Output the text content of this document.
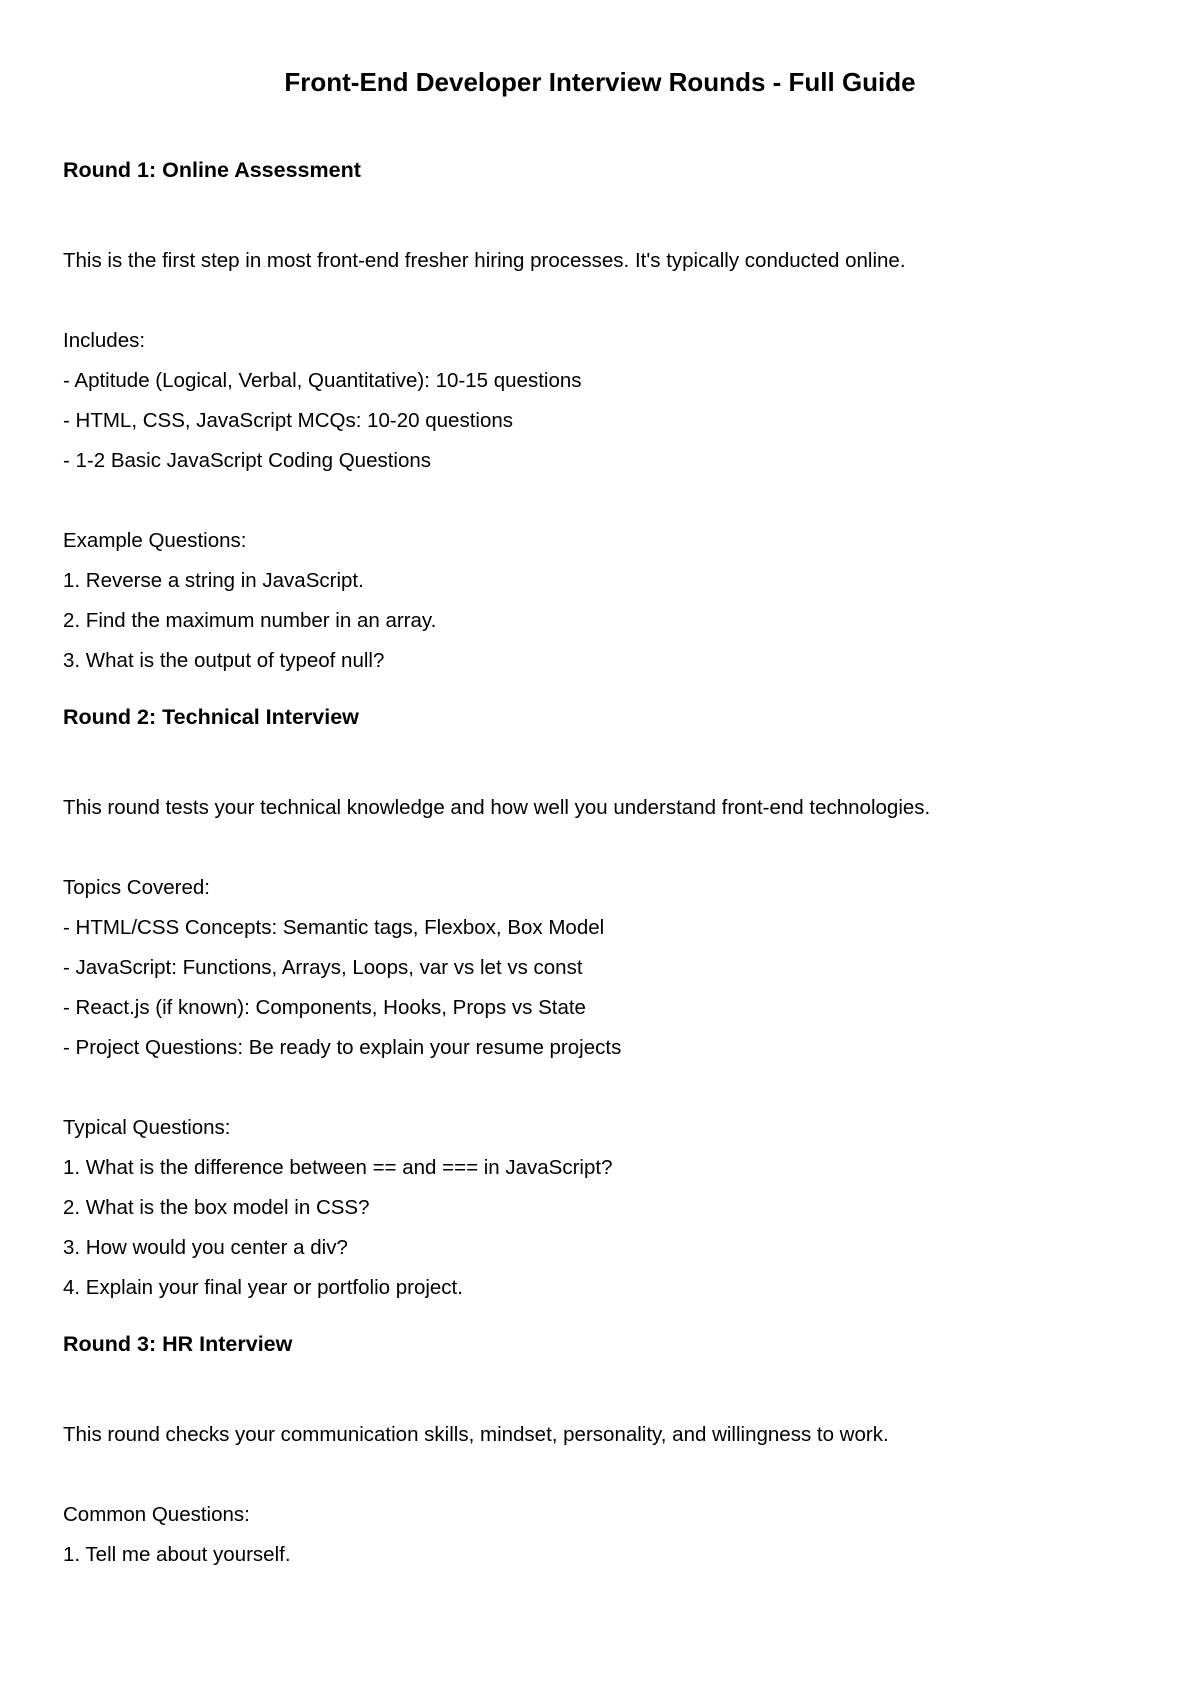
Front-End Developer Interview Rounds - Full Guide
Round 1: Online Assessment

This is the first step in most front-end fresher hiring processes. It's typically conducted online.

Includes:
- Aptitude (Logical, Verbal, Quantitative): 10-15 questions
- HTML, CSS, JavaScript MCQs: 10-20 questions
- 1-2 Basic JavaScript Coding Questions
Example Questions:
1. Reverse a string in JavaScript.
2. Find the maximum number in an array.
3. What is the output of typeof null?
Round 2: Technical Interview

This round tests your technical knowledge and how well you understand front-end technologies.

Topics Covered:
- HTML/CSS Concepts: Semantic tags, Flexbox, Box Model
- JavaScript: Functions, Arrays, Loops, var vs let vs const
- React.js (if known): Components, Hooks, Props vs State
- Project Questions: Be ready to explain your resume projects
Typical Questions:
1. What is the difference between == and === in JavaScript?
2. What is the box model in CSS?
3. How would you center a div?
4. Explain your final year or portfolio project.
Round 3: HR Interview

This round checks your communication skills, mindset, personality, and willingness to work.

Common Questions:
1. Tell me about yourself.
